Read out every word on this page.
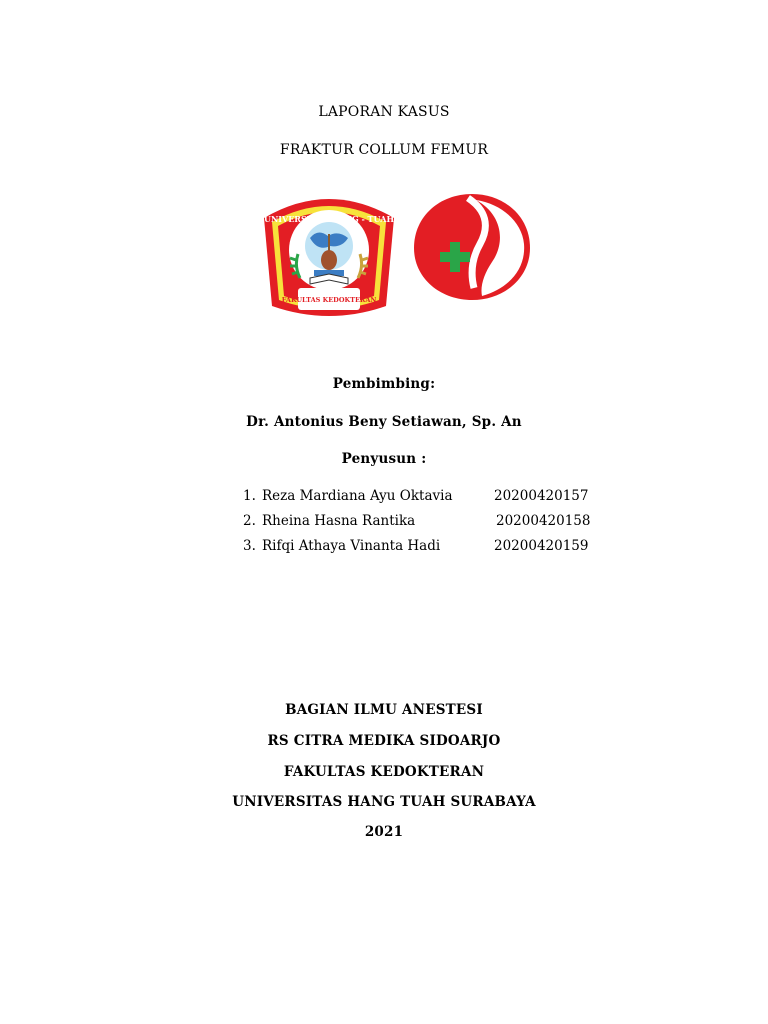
LAPORAN KASUS
FRAKTUR COLLUM FEMUR
UNIVERSITAS HANG - TUAH
FAKULTAS KEDOKTERAN
Pembimbing:
Dr. Antonius Beny Setiawan, Sp. An
Penyusun :
1. Reza Mardiana Ayu Oktavia	20200420157
2. Rheina Hasna Rantika	20200420158
3. Rifqi Athaya Vinanta Hadi	20200420159
BAGIAN ILMU ANESTESI
RS CITRA MEDIKA SIDOARJO
FAKULTAS KEDOKTERAN
UNIVERSITAS HANG TUAH SURABAYA
2021
